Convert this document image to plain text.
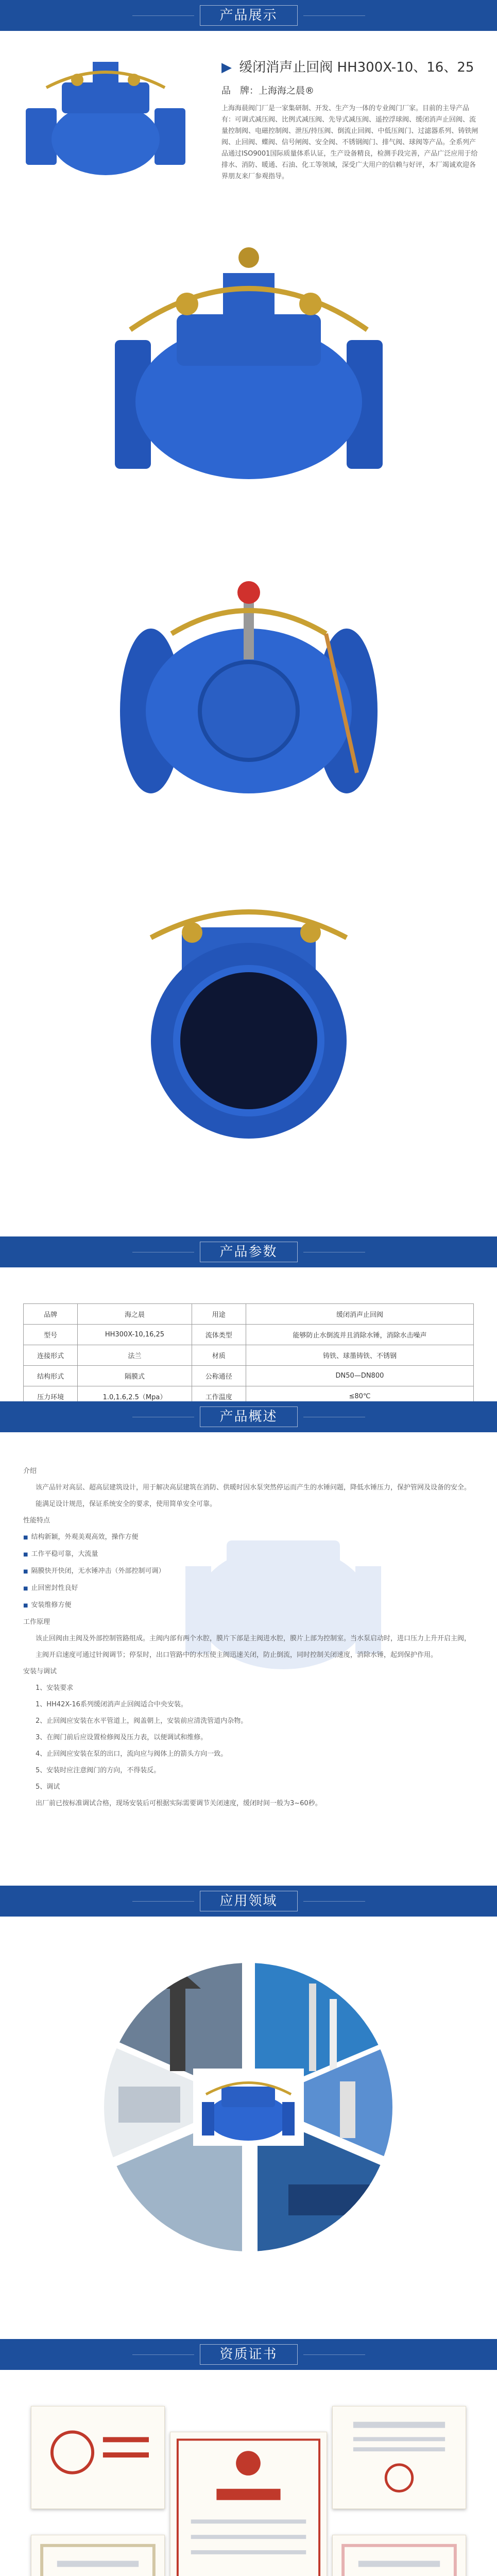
产品展示
▶ 缓闭消声止回阀 HH300X-10、16、25
品　牌：上海海之晨®
上海海晨阀门厂是一家集研制、开发、生产为一体的专业阀门厂家。目前的主导产品有：可调式减压阀、比例式减压阀、先导式减压阀、遥控浮球阀、缓闭消声止回阀、流量控制阀、电磁控制阀、泄压/持压阀、倒流止回阀、中低压阀门、过滤器系列、铸铁闸阀、止回阀、蝶阀、信号闸阀、安全阀、不锈钢阀门、排气阀、球阀等产品。全系列产品通过ISO9001国际质量体系认证，生产设备精良，检测手段完善，产品广泛应用于给排水、消防、暖通、石油、化工等领域，深受广大用户的信赖与好评，本厂竭诚欢迎各界朋友来厂参观指导。
产品参数
品牌	海之晨	用途	缓闭消声止回阀
型号	HH300X-10,16,25	流体类型	能够防止水倒流并且消除水锤，消除水击噪声
连接形式	法兰	材质	铸铁、球墨铸铁、不锈钢
结构形式	隔膜式	公称通径	DN50—DN800
压力环境	1.0,1.6,2.5（Mpa）	工作温度	≤80℃
产品概述

介绍

该产品针对高层、超高层建筑设计，用于解决高层建筑在消防、供暖时因水泵突然停运而产生的水锤问题，降低水锤压力，保护管网及设备的安全。

能满足设计规范，保证系统安全的要求，使用简单安全可靠。

性能特点

■ 结构新颖，外观美观高效，操作方便

■ 工作平稳可靠，大流量

■ 隔膜快开快闭，无水锤冲击（外部控制可调）

■ 止回密封性良好

■ 安装维修方便

工作原理

该止回阀由主阀及外部控制管路组成。主阀内部有两个水腔，膜片下部是主阀进水腔，膜片上部为控制室。当水泵启动时，进口压力上升开启主阀，主阀开启速度可通过针阀调节；停泵时，出口管路中的水压使主阀迅速关闭，防止倒流，同时控制关闭速度，消除水锤，起到保护作用。

安装与调试

1、安装要求

1、HH42X-16系列缓闭消声止回阀适合中央安装。

2、止回阀应安装在水平管道上，阀盖朝上，安装前应清洗管道内杂物。

3、在阀门前后应设置检修阀及压力表，以便调试和维修。

4、止回阀应安装在泵的出口，流向应与阀体上的箭头方向一致。

5、安装时应注意阀门的方向，不得装反。

5、调试

出厂前已按标准调试合格，现场安装后可根据实际需要调节关闭速度，缓闭时间一般为3~60秒。

应用领域
资质证书
